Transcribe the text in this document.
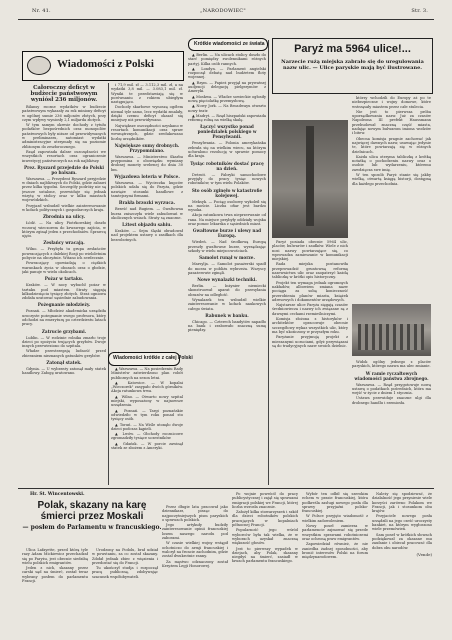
Nr. 41.	„NARODOWIEC"	Str. 3.
Wiadomości z Polski
Całoroczny deficyt w budżecie państwowym wyniósł 236 miljonów.

Bilansy roczne wydatków w budżecie państwowym wykazały za rok miniony deficyt w ogólnej sumie 236 miljonów złotych, przy czym wpływy wyniosły 2,1 miljarda złotych.

W tym samym okresie dochody z tytułu podatków bezpośrednich oraz monopolów państwowych były niższe od przewidywanych w preliminarzu, natomiast wydatki administracyjne utrzymały się na poziomie zbliżonym do zeszłorocznego.

Rząd zapowiada dalsze oszczędności we wszystkich resortach oraz ograniczenie inwestycyj państwowych na rok najbliższy.

Prez. Ryszard przejedzie do Polski po balsam.

Warszawa. — Prezydent Ryszard przyjedzie w dniach najbliższych do Polski, gdzie zabawi przez kilka tygodni. Szczegóły podróży nie są jeszcze ustalone, przewiduje się jednak wizytę w stolicy oraz w kilku miastach wojewódzkich.

Przyjazd wzbudził wielkie zainteresowanie w kołach politycznych i gospodarczych kraju.

Zbrodnia na ulicy.

Łódź. — Na ulicy Piotrkowskiej doszło wczoraj wieczorem do krwawego zajścia, w którym zginął jeden z przechodniów. Sprawcę ujęto.

Zesłańcy wracają.

Wilno. — Przybyła tu grupa zesłańców powracających z dalekiej Rosji po wieloletnim pobycie na obczyźnie. Witano ich serdecznie.

Powracający opowiadają o ciężkich warunkach życia w obozach oraz o głodzie, jaki panuje w wielu okolicach.

Pożar w tartaku.

Kraków. — W nocy wybuchł pożar w tartaku pod miastem. Straty sięgają kilkudziesięciu tysięcy złotych. Straż ogniowa zdołała uratować sąsiednie zabudowania.

Pożegnanie młodzieży.

Poznań. — Młodzież akademicka urządziła uroczyste pożegnanie swego profesora, który odchodzi na emeryturę po czterdziestu latach pracy.

Zatrucie grzybami.

Lublin. — W rodzinie rolnika zmarło troje dzieci po spożyciu trujących grzybów. Dwoje innych przewieziono do szpitala.

Władze przestrzegają ludność przed zbieraniem nieznanych gatunków grzybów.

Zatonął statek.

Gdynia. — U wybrzeży zatonął mały statek handlowy. Załogę uratowano.

i 71,9 mil. zł — 3.112,3 mil. zł, a na wydatki 3,8 mil. — 3.083,1 mil. zł. Wyniki te przedstawiają się w porównaniu z rokiem ubiegłym następująco.

Dochody skarbowe wynoszą ogółem niemal tyle samo, lecz wydatki zmalały, dzięki czemu deficyt okazał się mniejszy niż przewidywano.

Największe oszczędności uzyskano w resortach komunikacji oraz spraw wewnętrznych, gdzie zredukowano liczbę urzędników.

Największe sumy drobnych. Przypomniano.

Warszawa. — Ministerstwo Skarbu przypomina o obowiązku wymiany drobnej monety srebrnej do dnia 30 bm.

Wyjazdowa loteria w Polsce.

Warszawa. — Wycieczka kupców polskich udała się do Paryża, gdzie nawiąże stosunki handlowe z tamtejszymi firmami.

Brakła brzozki wyrzuca.

Brześć nad Bugiem. — Gwałtowna burza zniszczyła wiele zabudowań w okolicznych wsiach. Straty są znaczne.

Lżtest objazdu sahiu.

Kraków. — Sejm śląski obradował nad projektem ustawy o zasiłkach dla bezrobotnych.

Wiadomości krótkie z całej Polski

▲ Warszawa. — Na posiedzeniu Rady Ministrów zatwierdzono plan robót publicznych na sezon letni.

▲ Katowice. — W kopalni „Wieczorek" zasypało dwóch górników. Akcja ratunkowa trwa.

▲ Wilno. — Otwarto nowy szpital miejski, wyposażony w najnowsze urządzenia.

▲ Poznań. — Targi poznańskie odwiedziło w tym roku ponad sto tysięcy osób.

▲ Toruń. — Na Wiśle utonęło dwoje dzieci podczas kąpieli.

▲ Lwów. — Obchody rocznicowe zgromadziły tysiące uczestników.

▲ Gdańsk. — W porcie zawinął statek ze zbożem z Ameryki.

Krótkie wiadomości ze świata

▲ Berlin. — Na ulicach stolicy doszło do starć pomiędzy zwolennikami różnych partyj. Kilka osób rannych.

▲ Londyn. — Parlament angielski rozpoczął debatę nad budżetem floty wojennej.

▲ Rzym. — Papież przyjął na prywatnej audjencji delegację pielgrzymów z Ameryki.

▲ Moskwa. — Władze sowieckie ogłosiły nową pięciolatkę przemysłową.

▲ Nowy Jork. — Na Broadwayu otwarto nowy teatr.

▲ Madryt. — Rząd hiszpański zapowiada reformę rolną na wielką skalę.

Łączyć wszystko ponad poniedziałek polskiego w Pensylwanii.

Pensylwania. — Polonia amerykańska zebrała się na wielkim wiecu, na którym uchwalono rezolucję w sprawie pomocy dla kraju.

Tysiąc robotników dostać pracę na dzień.

Detroit. — Fabryki samochodowe przyjęły do pracy tysiąc nowych robotników, w tym wielu Polaków.

Sto osób zginęło w katastrofie kolejowej.

Meksyk. — Pociąg osobowy wykoleił się na moście. Liczba ofiar jest bardzo wysoka.

Akcja ratunkowa trwa nieprzerwanie od rana. Na miejsce przybyły oddziały wojska oraz pomoc lekarska z sąsiednich miast.

Gwałtowne burze i ulewy nad Europą.

Wiedeń. — Nad środkową Europą przeszły gwałtowne burze, wyrządzając szkody w wielu miejscowościach.

Samolot runął w morze.

Marsylja. — Samolot pasażerski spadł do morza w pobliżu wybrzeża. Wszyscy pasażerowie zginęli.

Nowe wynalazki techniki.

Berlin. — Inżynier niemiecki skonstruował aparat do przesyłania obrazów na odległość.

Wynalazek ten wzbudził wielkie zainteresowanie w kołach naukowych całego świata.

Rabunek w banku.

Chicago. — Czterech bandytów napadło na bank i zrabowało znaczną sumę pieniędzy.

Paryż ma 5964 ulice!...
Narzecie rużą miejska zabrało się do uregulowania nazw ulic. — Ulice paryskie mają być ilustrowane.

Paryż posiada obecnie 5964 ulic, placów, bulwarów i zaułków. Wiele z nich nosi nazwy powtarzające się, co wprowadza zamieszanie w komunikacji miejskiej.

Rada miejska postanowiła przeprowadzić gruntowną reformę nazewnictwa ulic oraz zaopatrzyć każdą tabliczkę w krótki opis historyczny.

Projekt ten wymaga jednak ogromnych nakładów, albowiem zmiana nazw pociąga za sobą konieczność przerobienia planów miasta, książek adresowych i dokumentów urzędowych.

Najstarsze ulice Paryża sięgają czasów średniowiecza i nazwy ich związane są z dawnymi cechami rzemieślniczymi.

Komisja złożona z historyków i architektów opracowuje obecnie szczegółowy wykaz wszystkich ulic, który ma być ukończony w przyszłym roku.

Paryżanie przyjmują projekt z mieszanymi uczuciami, gdyż przywiązani są do tradycyjnych nazw swoich dzielnic.

którzy wchodzili do Europy aż po te niebezpieczne i wojny domowe, które wstrząsały miastem przez całe stulecia.

Nie jest to pierwsza próba uporządkowania nazw. Już za czasów Napoleona III prefekt Haussmann przebudował znaczną część miasta, nadając nowym bulwarom imiona wodzów i bitew.

Obecna komisja pragnie zachować jak najwięcej dawnych nazw, usuwając jedynie te, które powtarzają się w różnych dzielnicach.

Każda ulica otrzyma tabliczkę z krótką notatką o pochodzeniu nazwy oraz o osobie lub wydarzeniu, któremu zawdzięcza swe imię.

W ten sposób Paryż stanie się jakby wielką, otwartą księgą historji, dostępną dla każdego przechodnia.

Widok ogólny jednego z placów paryskich, którego nazwa ma ulec zmianie.

W ramie ryczałtowych wiadomości państwa zbrojnego.

Warszawa. — Rząd przygotowuje nową ustawę o podatkach pośrednich, która ma wejść w życie z dniem 1 stycznia.

Ustawa przewiduje znaczne ulgi dla drobnego handlu i rzemiosła.

Hr. St. Wincentowski.
Polak, skazany na karę śmierci przez Moskali
— posłem do Parlamentu w francuskiego.

Ulica Lafayette, przed którą tyle razy Adam Mickiewicz przechadzał się po Paryżu, jest obecnie siedzibą wielu polskich emigrantów.

Jeden z nich, skazany przez carski sąd na śmierć, został teraz wybrany posłem do parlamentu Francji.

Urodzony na Podolu, brał udział w powstaniu, za co został skazany. Zdołał jednak zbiec z więzienia i przedostać się do Francji.

Tu ukończył studja i rozpoczął pracę publiczną, zdobywając szacunek współobywateli.

Przez długie lata pracował jako dziennikarz, pisząc do najpoczytniejszych pism paryskich o sprawach polskich.

Jego artykuły budziły zainteresowanie opinii francuskiej losem naszego narodu pod zaborami.

W czasie wielkiej wojny wstąpił ochotniczo do armji francuskiej i walczył na froncie zachodnim, gdzie został dwukrotnie ranny.

Za męstwo odznaczony został Krzyżem Legji Honorowej.

Po wojnie powrócił do pracy publicystycznej i zajął się sprawami emigracji polskiej we Francji, której liczba wzrosła znacznie.

Założył kilka stowarzyszeń i szkół dla dzieci robotników polskich pracujących w kopalniach północnej Francji.

Popularność jego wśród wyborców była tak wielka, że w wyborach uzyskał znaczną większość głosów.

Jest to pierwszy wypadek w dziejach, aby Polak, skazany niegdyś na śmierć, zasiadł w ławach parlamentu francuskiego.

Wybór ten odbił się szerokim echem w prasie francuskiej, która podkreśla zasługi nowego posła dla sprawy przyjaźni polsko-francuskiej.

W Polsce przyjęto wiadomość z wielkim zadowoleniem.

Nowy poseł zamierza w parlamencie zajmować się przede wszystkim sprawami robotniczemi oraz ochroną praw emigrantów.

Zapowiedział również, że nie zaniedba żadnej sposobności, aby bronić interesów Polski na forum międzynarodowem.

Należy się spodziewać, że działalność jego przyniesie wiele korzyści zarówno Polakom we Francji, jak i stosunkom obu krajów.

Przyjaciele nowego posła urządzili na jego cześć uroczysty bankiet, na którym wygłoszono wiele przemówień.

Sam poseł w krótkich słowach podziękował za okazane mu zaufanie i obiecał pracować dla dobra obu narodów.

(Vende)
